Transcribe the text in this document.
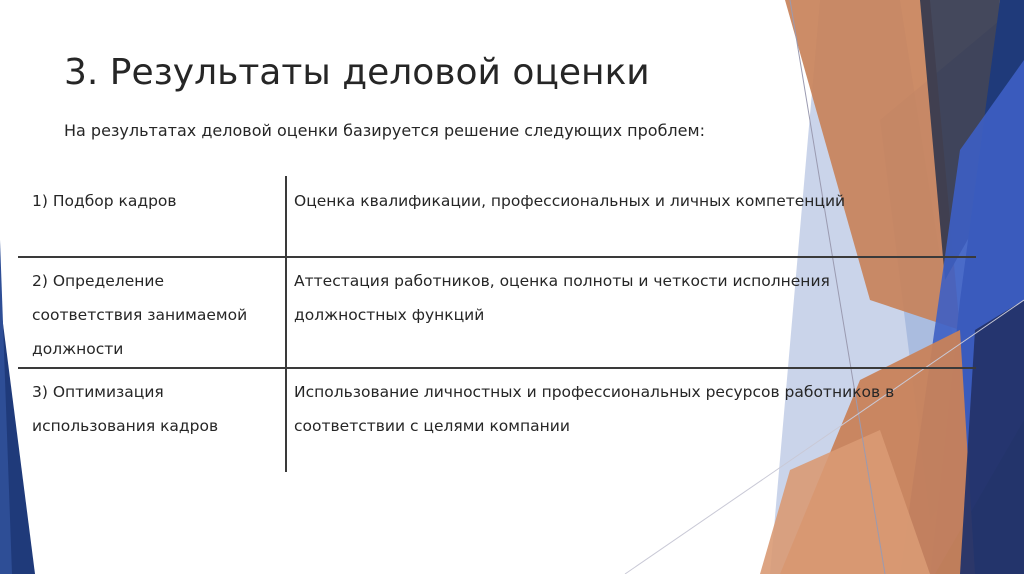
3. Результаты деловой оценки
На результатах деловой оценки базируется решение следующих проблем:
1) Подбор кадров	Оценка квалификации, профессиональных и личных компетенций
2) Определение
соответствия занимаемой
должности
Аттестация работников, оценка полноты и четкости исполнения
должностных функций
3) Оптимизация
использования кадров
Использование личностных и профессиональных ресурсов работников в
соответствии с целями компании
